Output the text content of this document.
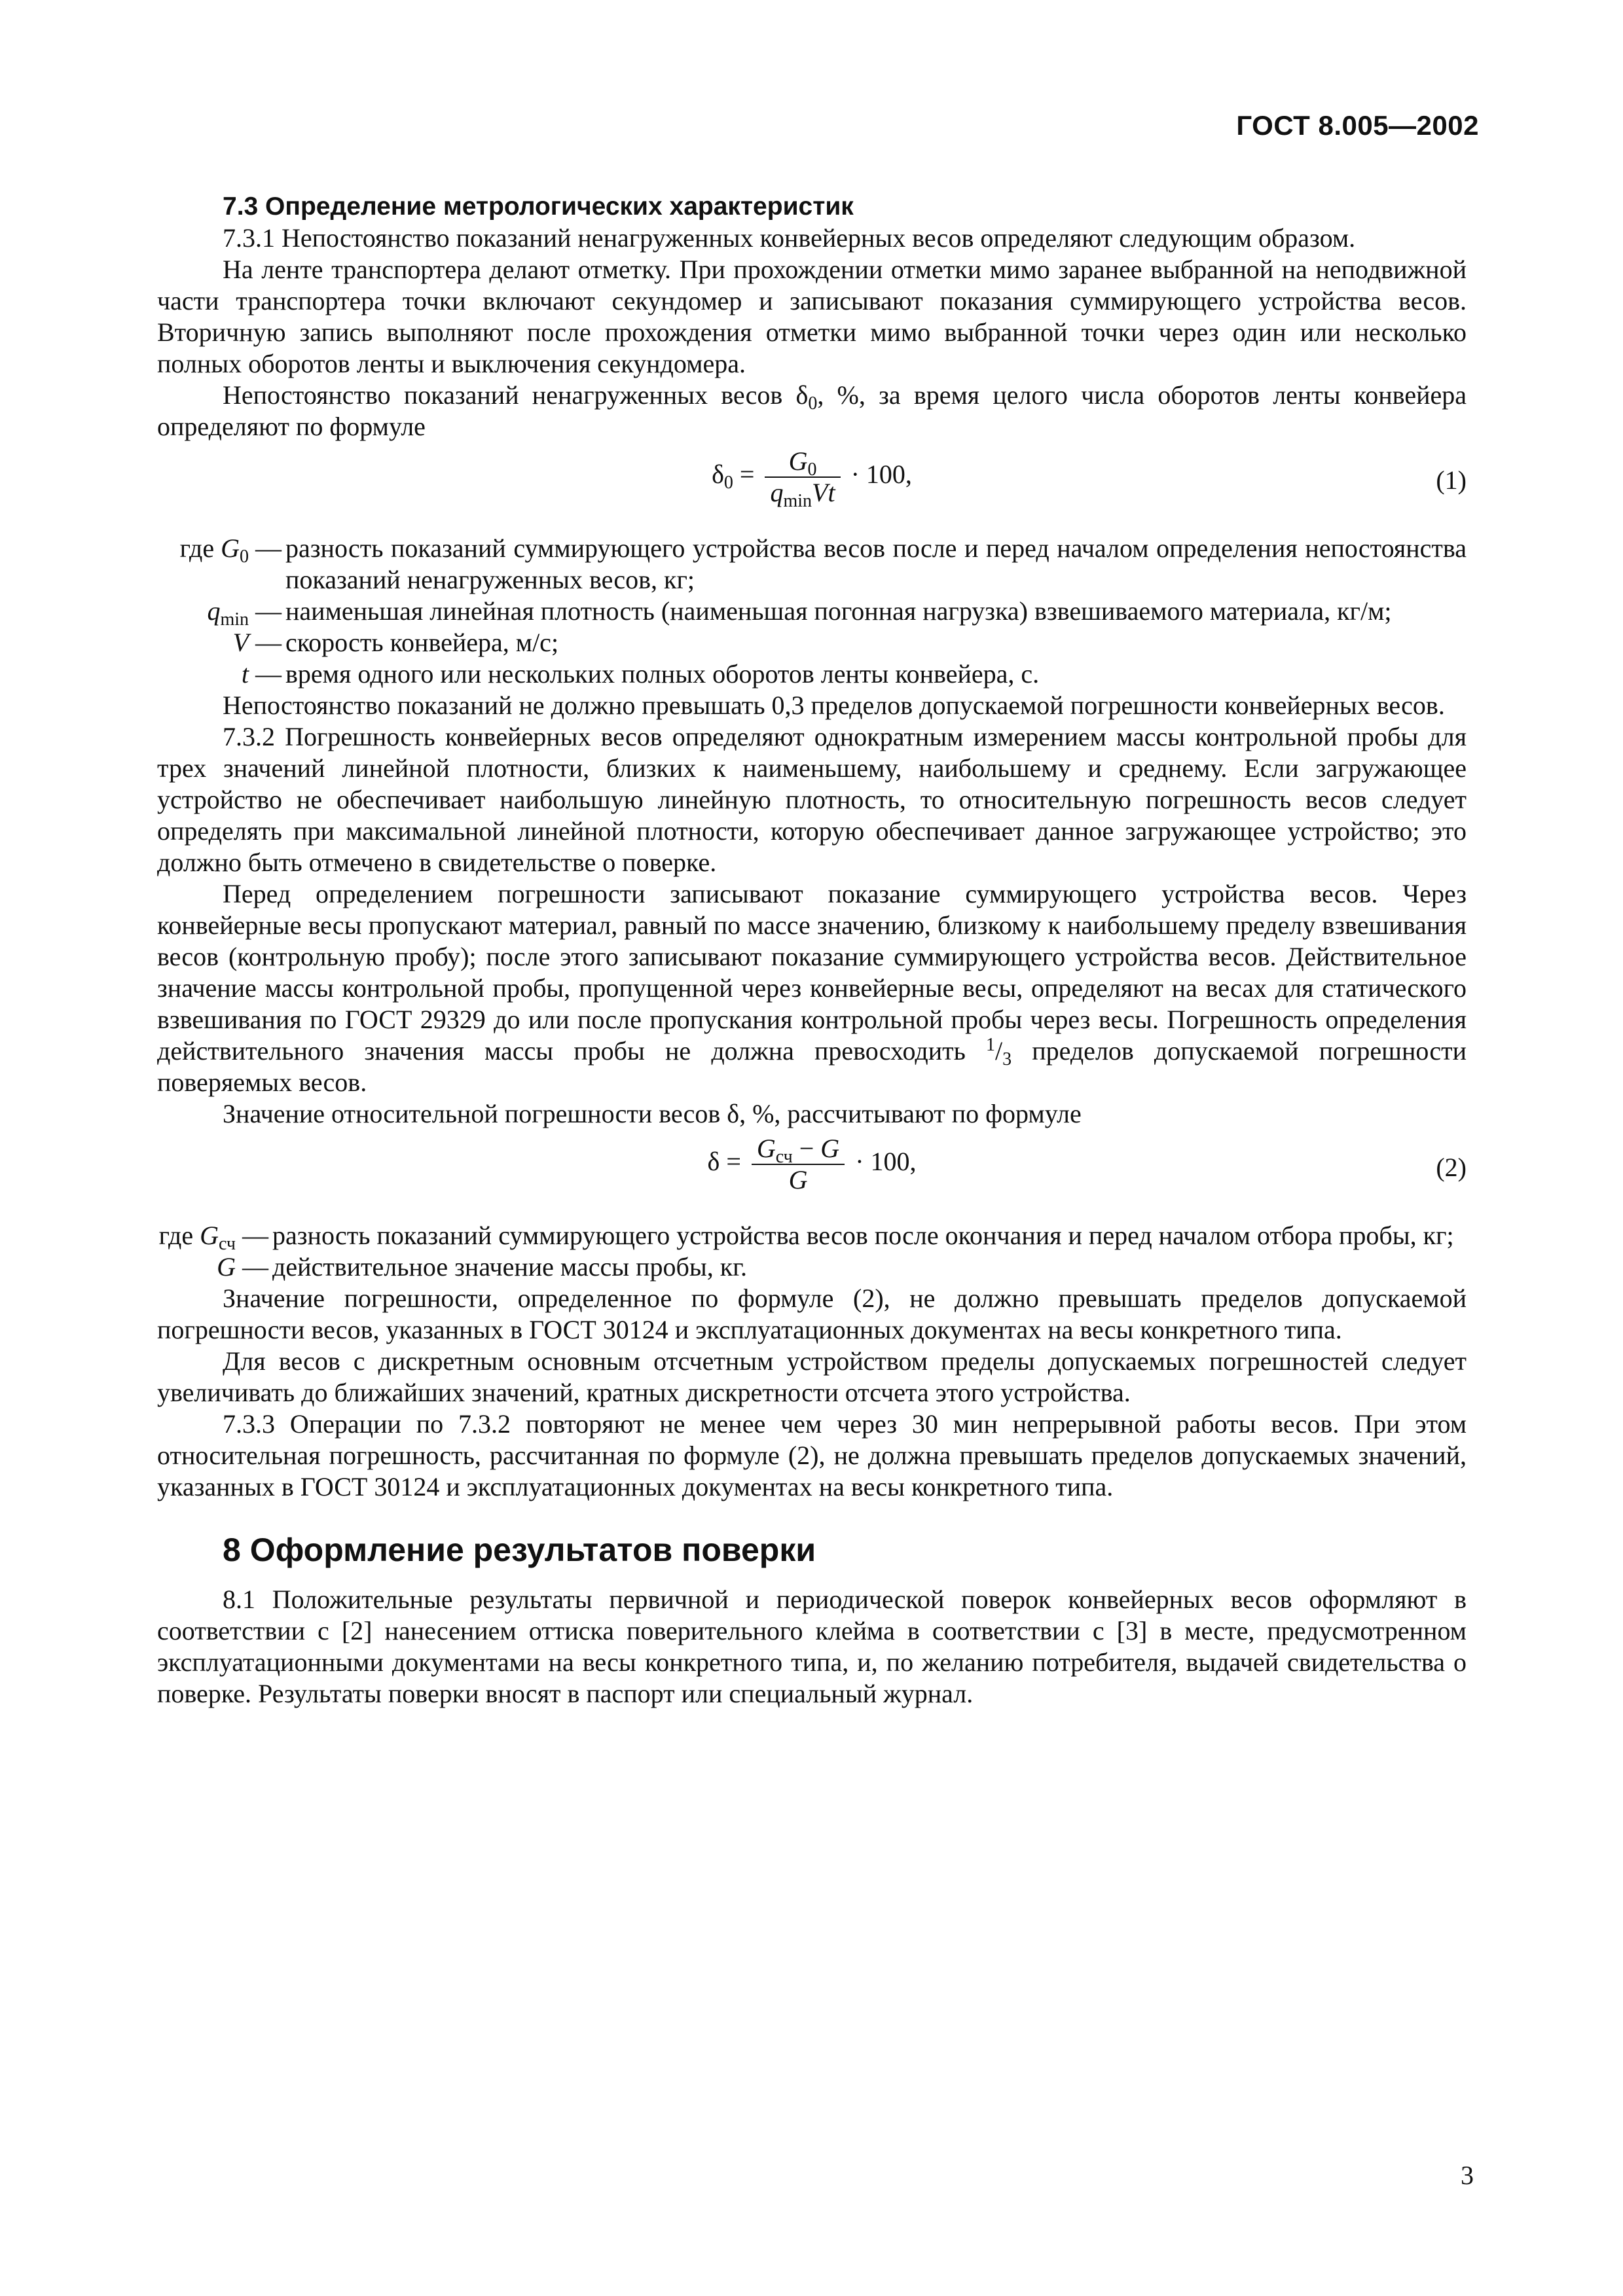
ГОСТ 8.005—2002

7.3 Определение метрологических характеристик

7.3.1 Непостоянство показаний ненагруженных конвейерных весов определяют следующим образом.

На ленте транспортера делают отметку. При прохождении отметки мимо заранее выбранной на неподвижной части транспортера точки включают секундомер и записывают показания суммирующего устройства весов. Вторичную запись выполняют после прохождения отметки мимо выбранной точки через один или несколько полных оборотов ленты и выключения секундомера.

Непостоянство показаний ненагруженных весов $\delta_0$, %, за время целого числа оборотов ленты конвейера определяют по формуле

$\delta_0 = \frac{G_0}{q_{min}Vt} \cdot 100$,	(1)
где $G_0$ — разность показаний суммирующего устройства весов после и перед началом определения непостоянства показаний ненагруженных весов, кг;
$q_{min}$ — наименьшая линейная плотность (наименьшая погонная нагрузка) взвешиваемого материала, кг/м;
V — скорость конвейера, м/с;
t — время одного или нескольких полных оборотов ленты конвейера, с.

Непостоянство показаний не должно превышать 0,3 пределов допускаемой погрешности конвейерных весов.

7.3.2 Погрешность конвейерных весов определяют однократным измерением массы контрольной пробы для трех значений линейной плотности, близких к наименьшему, наибольшему и среднему. Если загружающее устройство не обеспечивает наибольшую линейную плотность, то относительную погрешность весов следует определять при максимальной линейной плотности, которую обеспечивает данное загружающее устройство; это должно быть отмечено в свидетельстве о поверке.

Перед определением погрешности записывают показание суммирующего устройства весов. Через конвейерные весы пропускают материал, равный по массе значению, близкому к наибольшему пределу взвешивания весов (контрольную пробу); после этого записывают показание суммирующего устройства весов. Действительное значение массы контрольной пробы, пропущенной через конвейерные весы, определяют на весах для статического взвешивания по ГОСТ 29329 до или после пропускания контрольной пробы через весы. Погрешность определения действительного значения массы пробы не должна превосходить $^1/_3$ пределов допускаемой погрешности поверяемых весов.

Значение относительной погрешности весов δ, %, рассчитывают по формуле

$\delta = \frac{G_{сч} - G}{G} \cdot 100$,	(2)
где $G_{сч}$ — разность показаний суммирующего устройства весов после окончания и перед началом отбора пробы, кг;
G — действительное значение массы пробы, кг.

Значение погрешности, определенное по формуле (2), не должно превышать пределов допускаемой погрешности весов, указанных в ГОСТ 30124 и эксплуатационных документах на весы конкретного типа.

Для весов с дискретным основным отсчетным устройством пределы допускаемых погрешностей следует увеличивать до ближайших значений, кратных дискретности отсчета этого устройства.

7.3.3 Операции по 7.3.2 повторяют не менее чем через 30 мин непрерывной работы весов. При этом относительная погрешность, рассчитанная по формуле (2), не должна превышать пределов допускаемых значений, указанных в ГОСТ 30124 и эксплуатационных документах на весы конкретного типа.

8 Оформление результатов поверки

8.1 Положительные результаты первичной и периодической поверок конвейерных весов оформляют в соответствии с [2] нанесением оттиска поверительного клейма в соответствии с [3] в месте, предусмотренном эксплуатационными документами на весы конкретного типа, и, по желанию потребителя, выдачей свидетельства о поверке. Результаты поверки вносят в паспорт или специальный журнал.

3
